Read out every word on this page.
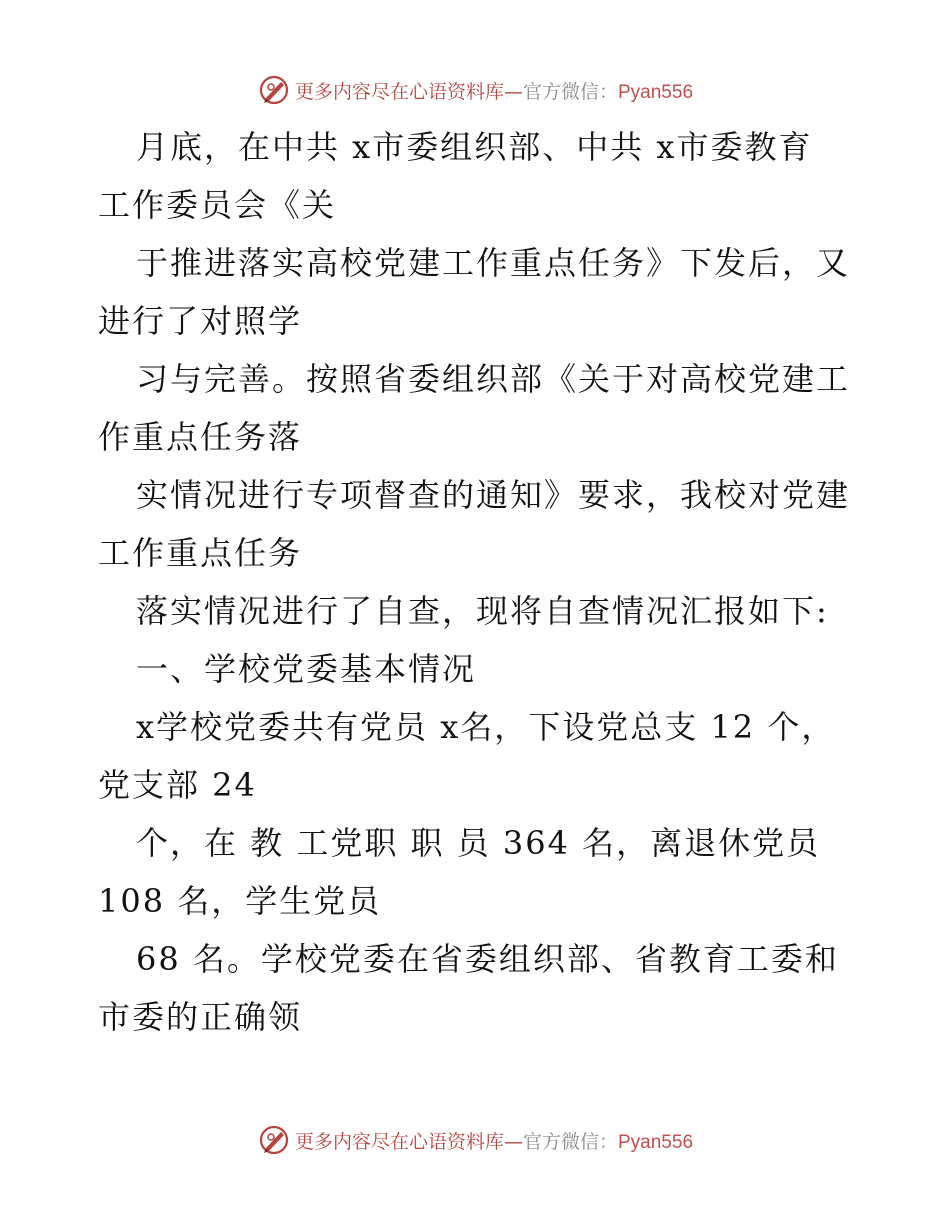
更多内容尽在心语资料库—官方微信：Pyan556
月底，在中共 x市委组织部、中共 x市委教育
工作委员会《关
于推进落实高校党建工作重点任务》下发后，又
进行了对照学
习与完善。按照省委组织部《关于对高校党建工
作重点任务落
实情况进行专项督查的通知》要求，我校对党建
工作重点任务
落实情况进行了自查，现将自查情况汇报如下:
一、学校党委基本情况
x学校党委共有党员 x名，下设党总支 12 个，
党支部 24
个，在 教 工党职 职 员 364 名，离退休党员
108 名，学生党员
68 名。学校党委在省委组织部、省教育工委和
市委的正确领
更多内容尽在心语资料库—官方微信：Pyan556
